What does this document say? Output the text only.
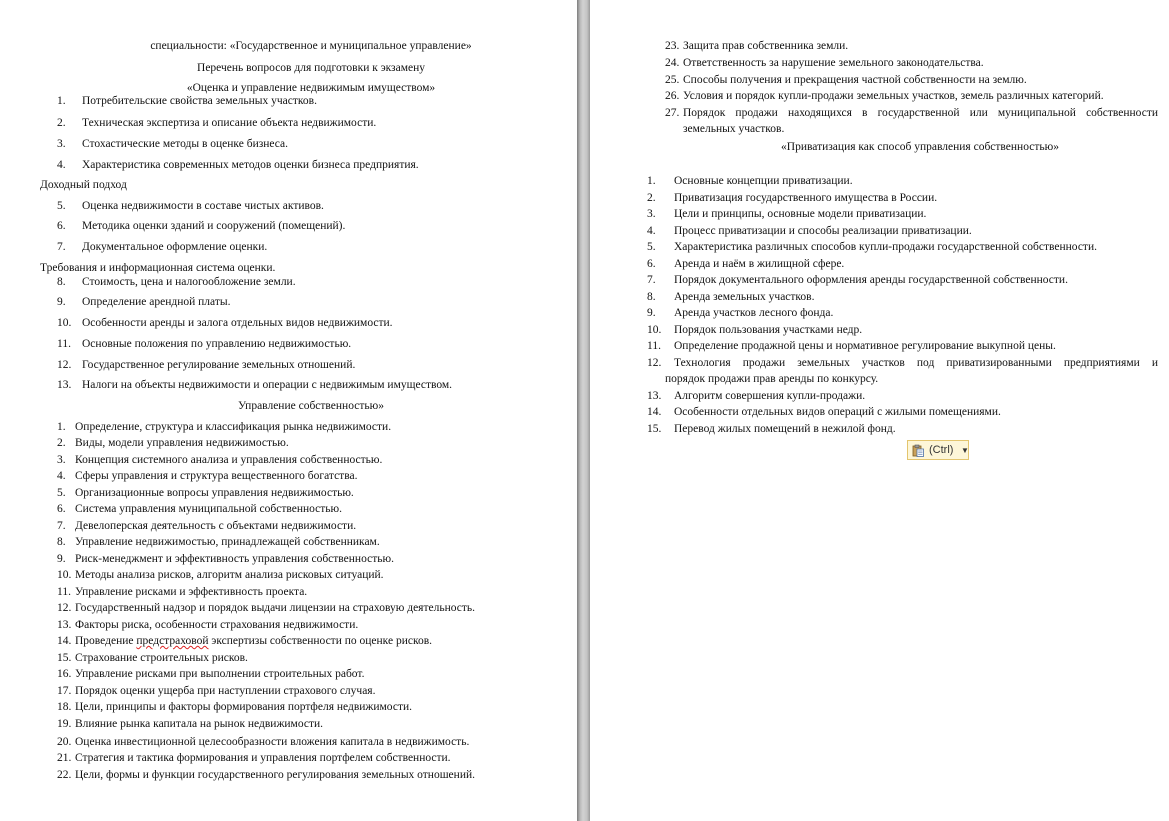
специальности: «Государственное и муниципальное управление»
Перечень вопросов для подготовки к экзамену
«Оценка и управление недвижимым имуществом»
1. Потребительские свойства земельных участков.
2. Техническая экспертиза и описание объекта недвижимости.
3. Стохастические методы в оценке бизнеса.
4. Характеристика современных методов оценки бизнеса предприятия.
Доходный подход
5. Оценка недвижимости в составе чистых активов.
6. Методика оценки зданий и сооружений (помещений).
7. Документальное оформление оценки.
Требования и информационная система оценки.
8. Стоимость, цена и налогообложение земли.
9. Определение арендной платы.
10. Особенности аренды и залога отдельных видов недвижимости.
11. Основные положения по управлению недвижимостью.
12. Государственное регулирование земельных отношений.
13. Налоги на объекты недвижимости и операции с недвижимым имуществом.
Управление собственностью»
1. Определение, структура и классификация рынка недвижимости.
2. Виды, модели управления недвижимостью.
3. Концепция системного анализа и управления собственностью.
4. Сферы управления и структура вещественного богатства.
5. Организационные вопросы управления недвижимостью.
6. Система управления муниципальной собственностью.
7. Девелоперская деятельность с объектами недвижимости.
8. Управление недвижимостью, принадлежащей собственникам.
9. Риск-менеджмент и эффективность управления собственностью.
10. Методы анализа рисков, алгоритм анализа рисковых ситуаций.
11. Управление рисками и эффективность проекта.
12. Государственный надзор и порядок выдачи лицензии на страховую деятельность.
13. Факторы риска, особенности страхования недвижимости.
14. Проведение предстраховой экспертизы собственности по оценке рисков.
15. Страхование строительных рисков.
16. Управление рисками при выполнении строительных работ.
17. Порядок оценки ущерба при наступлении страхового случая.
18. Цели, принципы и факторы формирования портфеля недвижимости.
19. Влияние рынка капитала на рынок недвижимости.
20. Оценка инвестиционной целесообразности вложения капитала в недвижимость.
21. Стратегия и тактика формирования и управления портфелем собственности.
22. Цели, формы и функции государственного регулирования земельных отношений.
23. Защита прав собственника земли.
24. Ответственность за нарушение земельного законодательства.
25. Способы получения и прекращения частной собственности на землю.
26. Условия и порядок купли-продажи земельных участков, земель различных категорий.
27. Порядок продажи находящихся в государственной или муниципальной собственности
земельных участков.
«Приватизация как способ управления собственностью»
1. Основные концепции приватизации.
2. Приватизация государственного имущества в России.
3. Цели и принципы, основные модели приватизации.
4. Процесс приватизации и способы реализации приватизации.
5. Характеристика различных способов купли-продажи государственной собственности.
6. Аренда и наём в жилищной сфере.
7. Порядок документального оформления аренды государственной собственности.
8. Аренда земельных участков.
9. Аренда участков лесного фонда.
10. Порядок пользования участками недр.
11. Определение продажной цены и нормативное регулирование выкупной цены.
12. Технология продажи земельных участков под приватизированными предприятиями и
порядок продажи прав аренды по конкурсу.
13. Алгоритм совершения купли-продажи.
14. Особенности отдельных видов операций с жилыми помещениями.
15. Перевод жилых помещений в нежилой фонд.
(Ctrl) ▼
